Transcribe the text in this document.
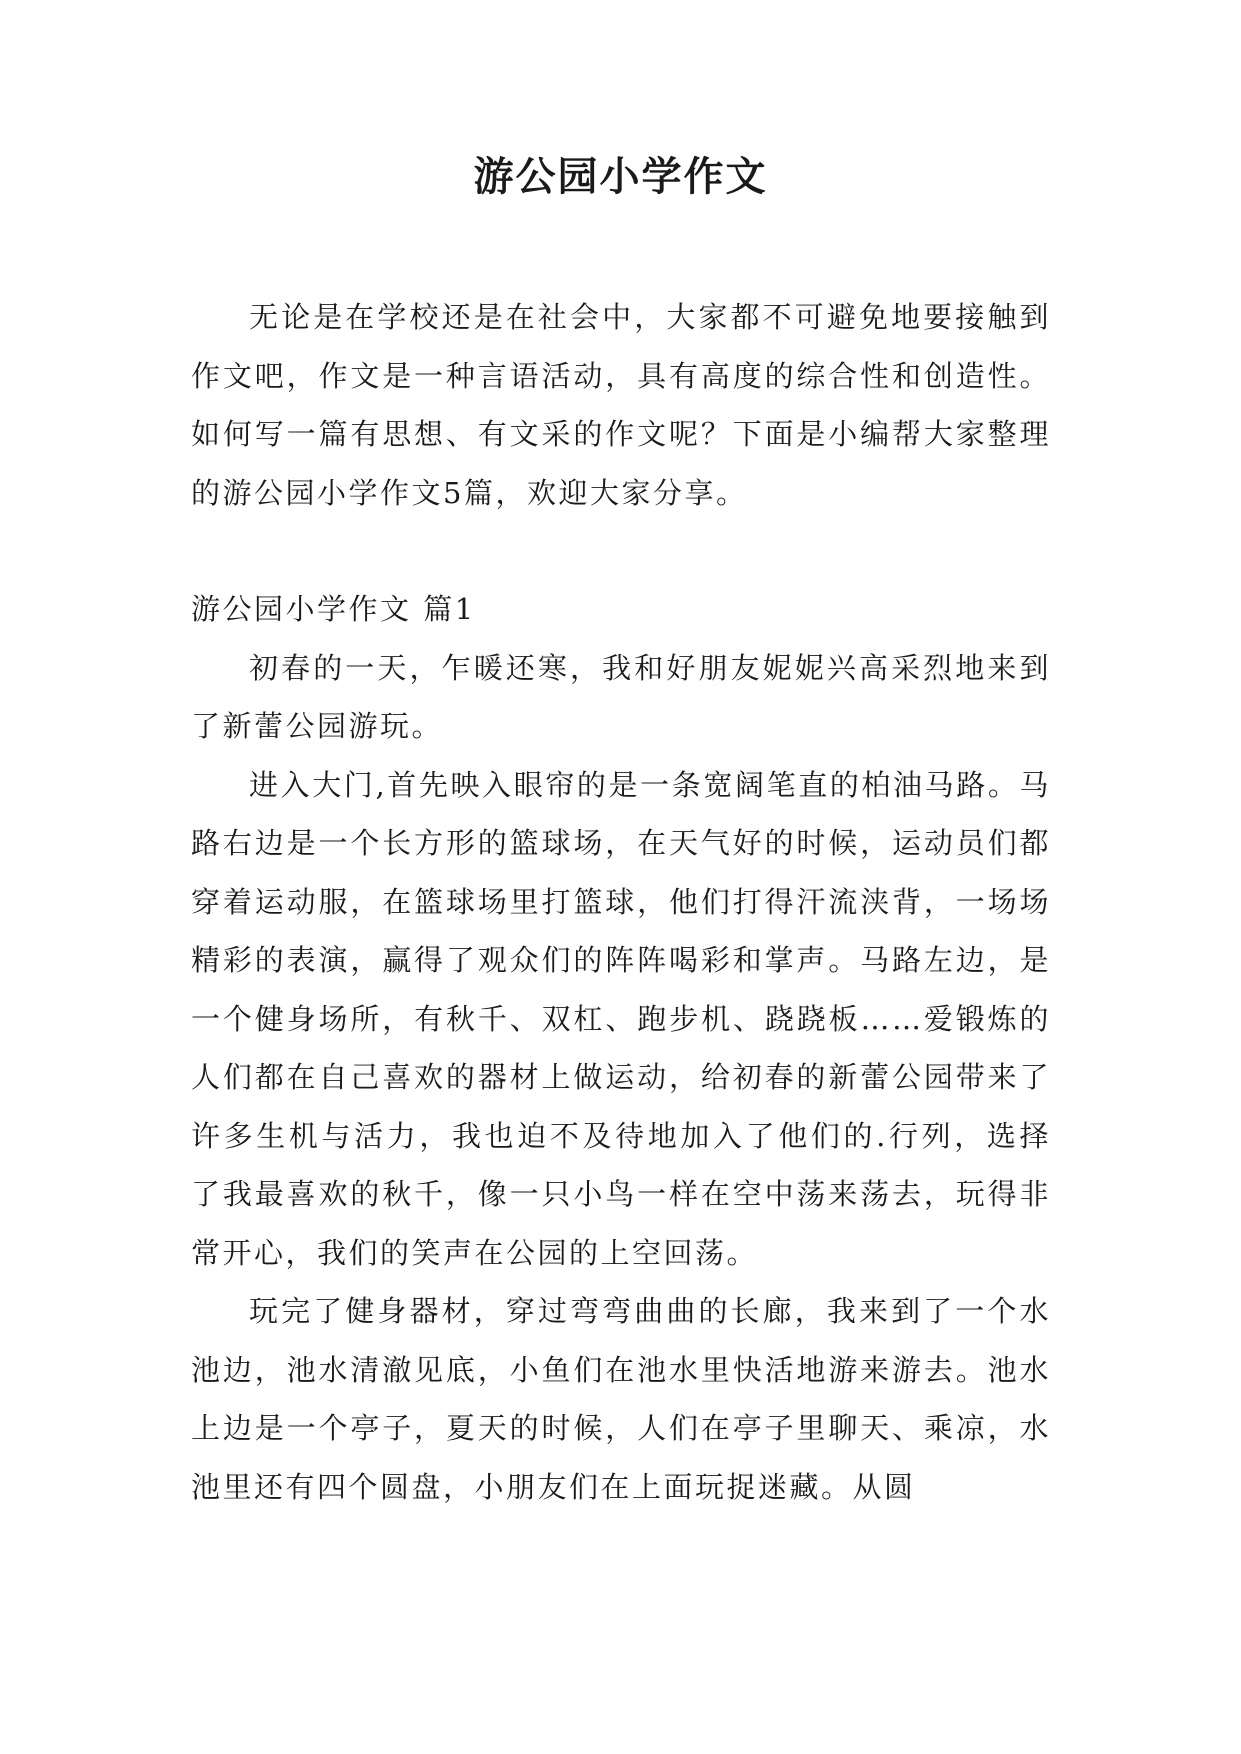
游公园小学作文

无论是在学校还是在社会中，大家都不可避免地要接触到作文吧，作文是一种言语活动，具有高度的综合性和创造性。如何写一篇有思想、有文采的作文呢？下面是小编帮大家整理的游公园小学作文5篇，欢迎大家分享。

游公园小学作文 篇1

初春的一天，乍暖还寒，我和好朋友妮妮兴高采烈地来到了新蕾公园游玩。

进入大门,首先映入眼帘的是一条宽阔笔直的柏油马路。马路右边是一个长方形的篮球场，在天气好的时候，运动员们都穿着运动服，在篮球场里打篮球，他们打得汗流浃背，一场场精彩的表演，赢得了观众们的阵阵喝彩和掌声。马路左边，是一个健身场所，有秋千、双杠、跑步机、跷跷板……爱锻炼的人们都在自己喜欢的器材上做运动，给初春的新蕾公园带来了许多生机与活力，我也迫不及待地加入了他们的.行列，选择了我最喜欢的秋千，像一只小鸟一样在空中荡来荡去，玩得非常开心，我们的笑声在公园的上空回荡。

玩完了健身器材，穿过弯弯曲曲的长廊，我来到了一个水池边，池水清澈见底，小鱼们在池水里快活地游来游去。池水上边是一个亭子，夏天的时候，人们在亭子里聊天、乘凉，水池里还有四个圆盘，小朋友们在上面玩捉迷藏。从圆
